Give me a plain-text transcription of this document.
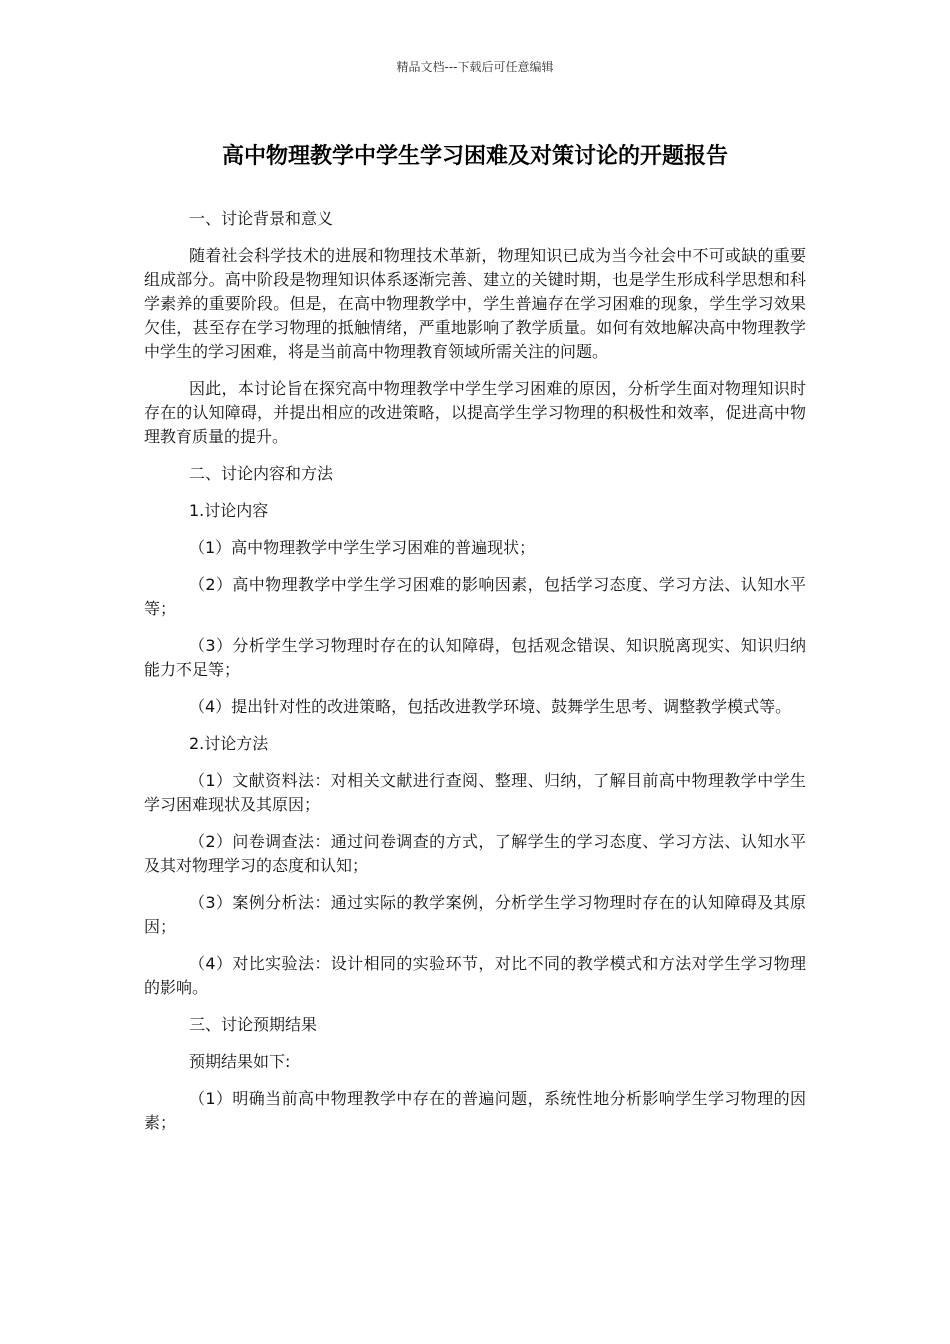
精品文档---下载后可任意编辑
高中物理教学中学生学习困难及对策讨论的开题报告
一、讨论背景和意义
随着社会科学技术的进展和物理技术革新，物理知识已成为当今社会中不可或缺的重要组成部分。高中阶段是物理知识体系逐渐完善、建立的关键时期，也是学生形成科学思想和科学素养的重要阶段。但是，在高中物理教学中，学生普遍存在学习困难的现象，学生学习效果欠佳，甚至存在学习物理的抵触情绪，严重地影响了教学质量。如何有效地解决高中物理教学中学生的学习困难，将是当前高中物理教育领域所需关注的问题。
因此，本讨论旨在探究高中物理教学中学生学习困难的原因，分析学生面对物理知识时存在的认知障碍，并提出相应的改进策略，以提高学生学习物理的积极性和效率，促进高中物理教育质量的提升。
二、讨论内容和方法
1.讨论内容
（1）高中物理教学中学生学习困难的普遍现状；
（2）高中物理教学中学生学习困难的影响因素，包括学习态度、学习方法、认知水平等；
（3）分析学生学习物理时存在的认知障碍，包括观念错误、知识脱离现实、知识归纳能力不足等；
（4）提出针对性的改进策略，包括改进教学环境、鼓舞学生思考、调整教学模式等。
2.讨论方法
（1）文献资料法：对相关文献进行查阅、整理、归纳，了解目前高中物理教学中学生学习困难现状及其原因；
（2）问卷调查法：通过问卷调查的方式，了解学生的学习态度、学习方法、认知水平及其对物理学习的态度和认知；
（3）案例分析法：通过实际的教学案例，分析学生学习物理时存在的认知障碍及其原因；
（4）对比实验法：设计相同的实验环节，对比不同的教学模式和方法对学生学习物理的影响。
三、讨论预期结果
预期结果如下:
（1）明确当前高中物理教学中存在的普遍问题，系统性地分析影响学生学习物理的因素；
